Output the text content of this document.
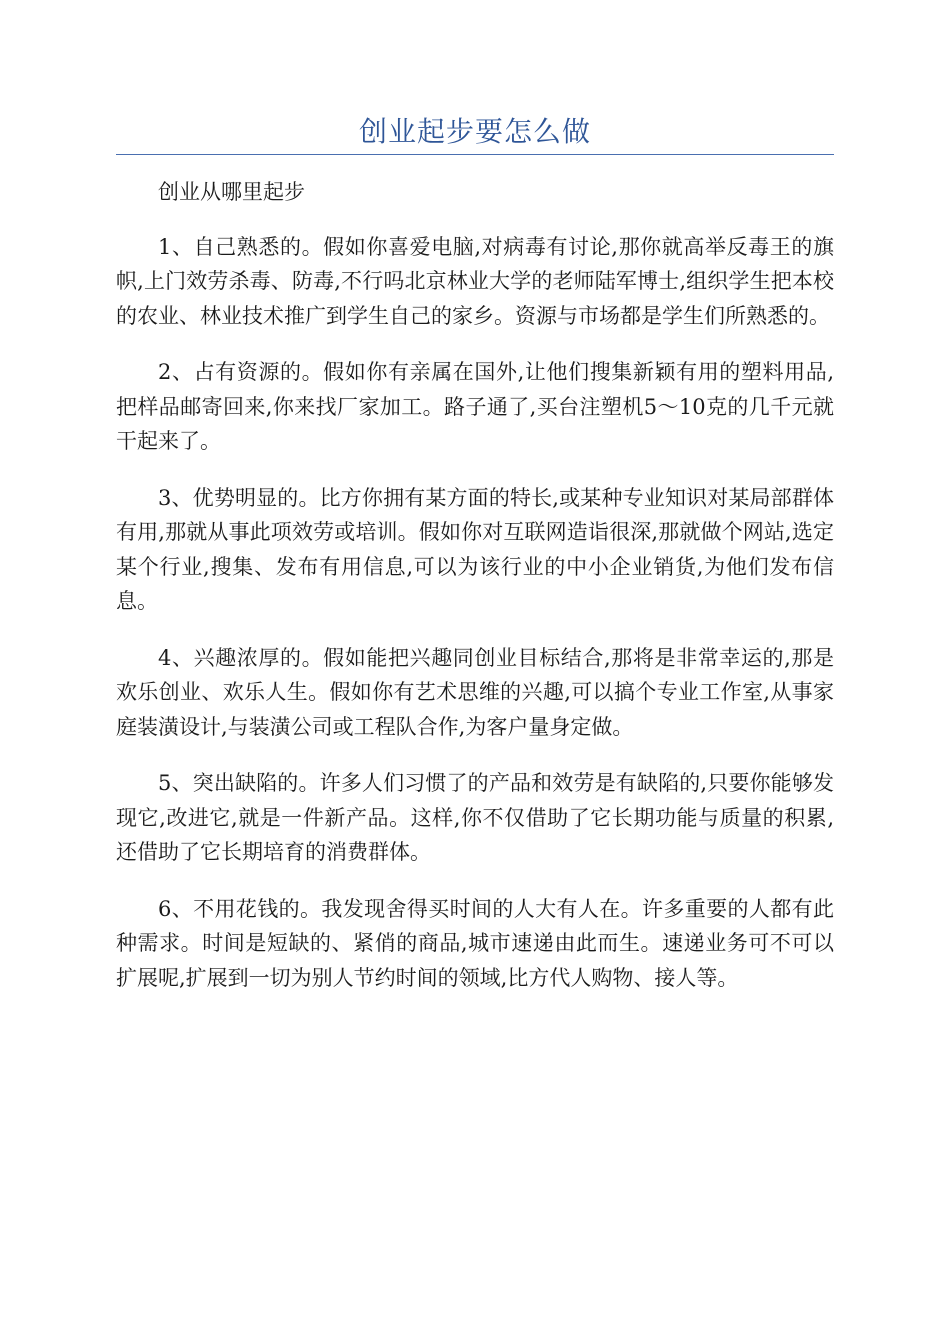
创业起步要怎么做

创业从哪里起步

1、自己熟悉的。假如你喜爱电脑,对病毒有讨论,那你就高举反毒王的旗帜,上门效劳杀毒、防毒,不行吗北京林业大学的老师陆军博士,组织学生把本校的农业、林业技术推广到学生自己的家乡。资源与市场都是学生们所熟悉的。

2、占有资源的。假如你有亲属在国外,让他们搜集新颖有用的塑料用品,把样品邮寄回来,你来找厂家加工。路子通了,买台注塑机5～10克的几千元就干起来了。

3、优势明显的。比方你拥有某方面的特长,或某种专业知识对某局部群体有用,那就从事此项效劳或培训。假如你对互联网造诣很深,那就做个网站,选定某个行业,搜集、发布有用信息,可以为该行业的中小企业销货,为他们发布信息。

4、兴趣浓厚的。假如能把兴趣同创业目标结合,那将是非常幸运的,那是欢乐创业、欢乐人生。假如你有艺术思维的兴趣,可以搞个专业工作室,从事家庭装潢设计,与装潢公司或工程队合作,为客户量身定做。

5、突出缺陷的。许多人们习惯了的产品和效劳是有缺陷的,只要你能够发现它,改进它,就是一件新产品。这样,你不仅借助了它长期功能与质量的积累,还借助了它长期培育的消费群体。

6、不用花钱的。我发现舍得买时间的人大有人在。许多重要的人都有此种需求。时间是短缺的、紧俏的商品,城市速递由此而生。速递业务可不可以扩展呢,扩展到一切为别人节约时间的领域,比方代人购物、接人等。
